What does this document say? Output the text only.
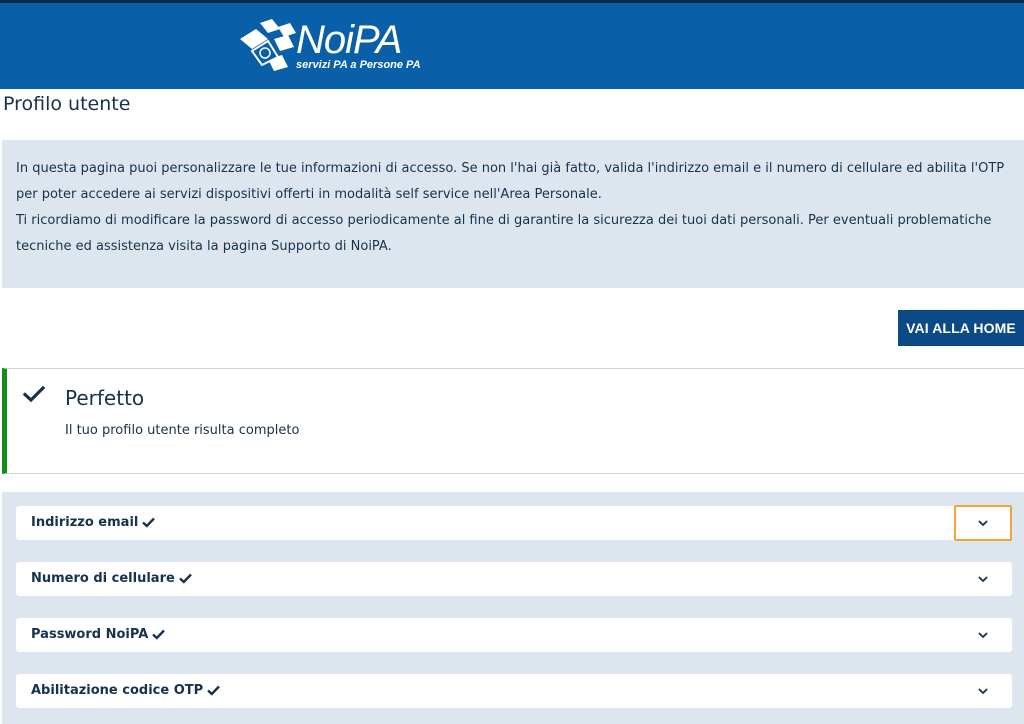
NoiPA
servizi PA a Persone PA
Profilo utente

In questa pagina puoi personalizzare le tue informazioni di accesso. Se non l'hai già fatto, valida l'indirizzo email e il numero di cellulare ed abilita l'OTP per poter accedere ai servizi dispositivi offerti in modalità self service nell'Area Personale.

Ti ricordiamo di modificare la password di accesso periodicamente al fine di garantire la sicurezza dei tuoi dati personali. Per eventuali problematiche tecniche ed assistenza visita la pagina Supporto di NoiPA.

VAI ALLA HOME
Perfetto
Il tuo profilo utente risulta completo
Indirizzo email
Numero di cellulare
Password NoiPA
Abilitazione codice OTP
